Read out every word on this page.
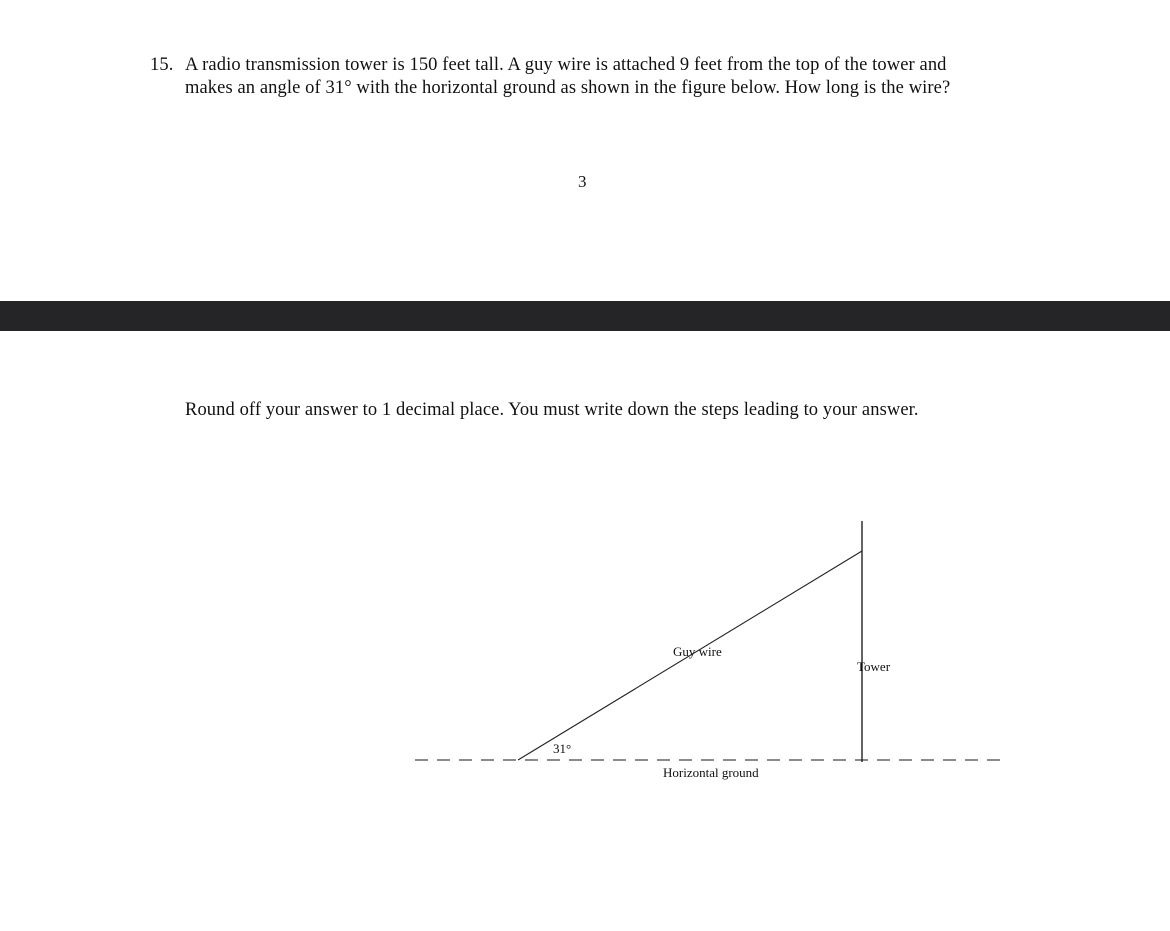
15. A radio transmission tower is 150 feet tall. A guy wire is attached 9 feet from the top of the tower and
makes an angle of 31° with the horizontal ground as shown in the figure below. How long is the wire?
3
Round off your answer to 1 decimal place. You must write down the steps leading to your answer.
Guy wire
Tower
31°
Horizontal ground
